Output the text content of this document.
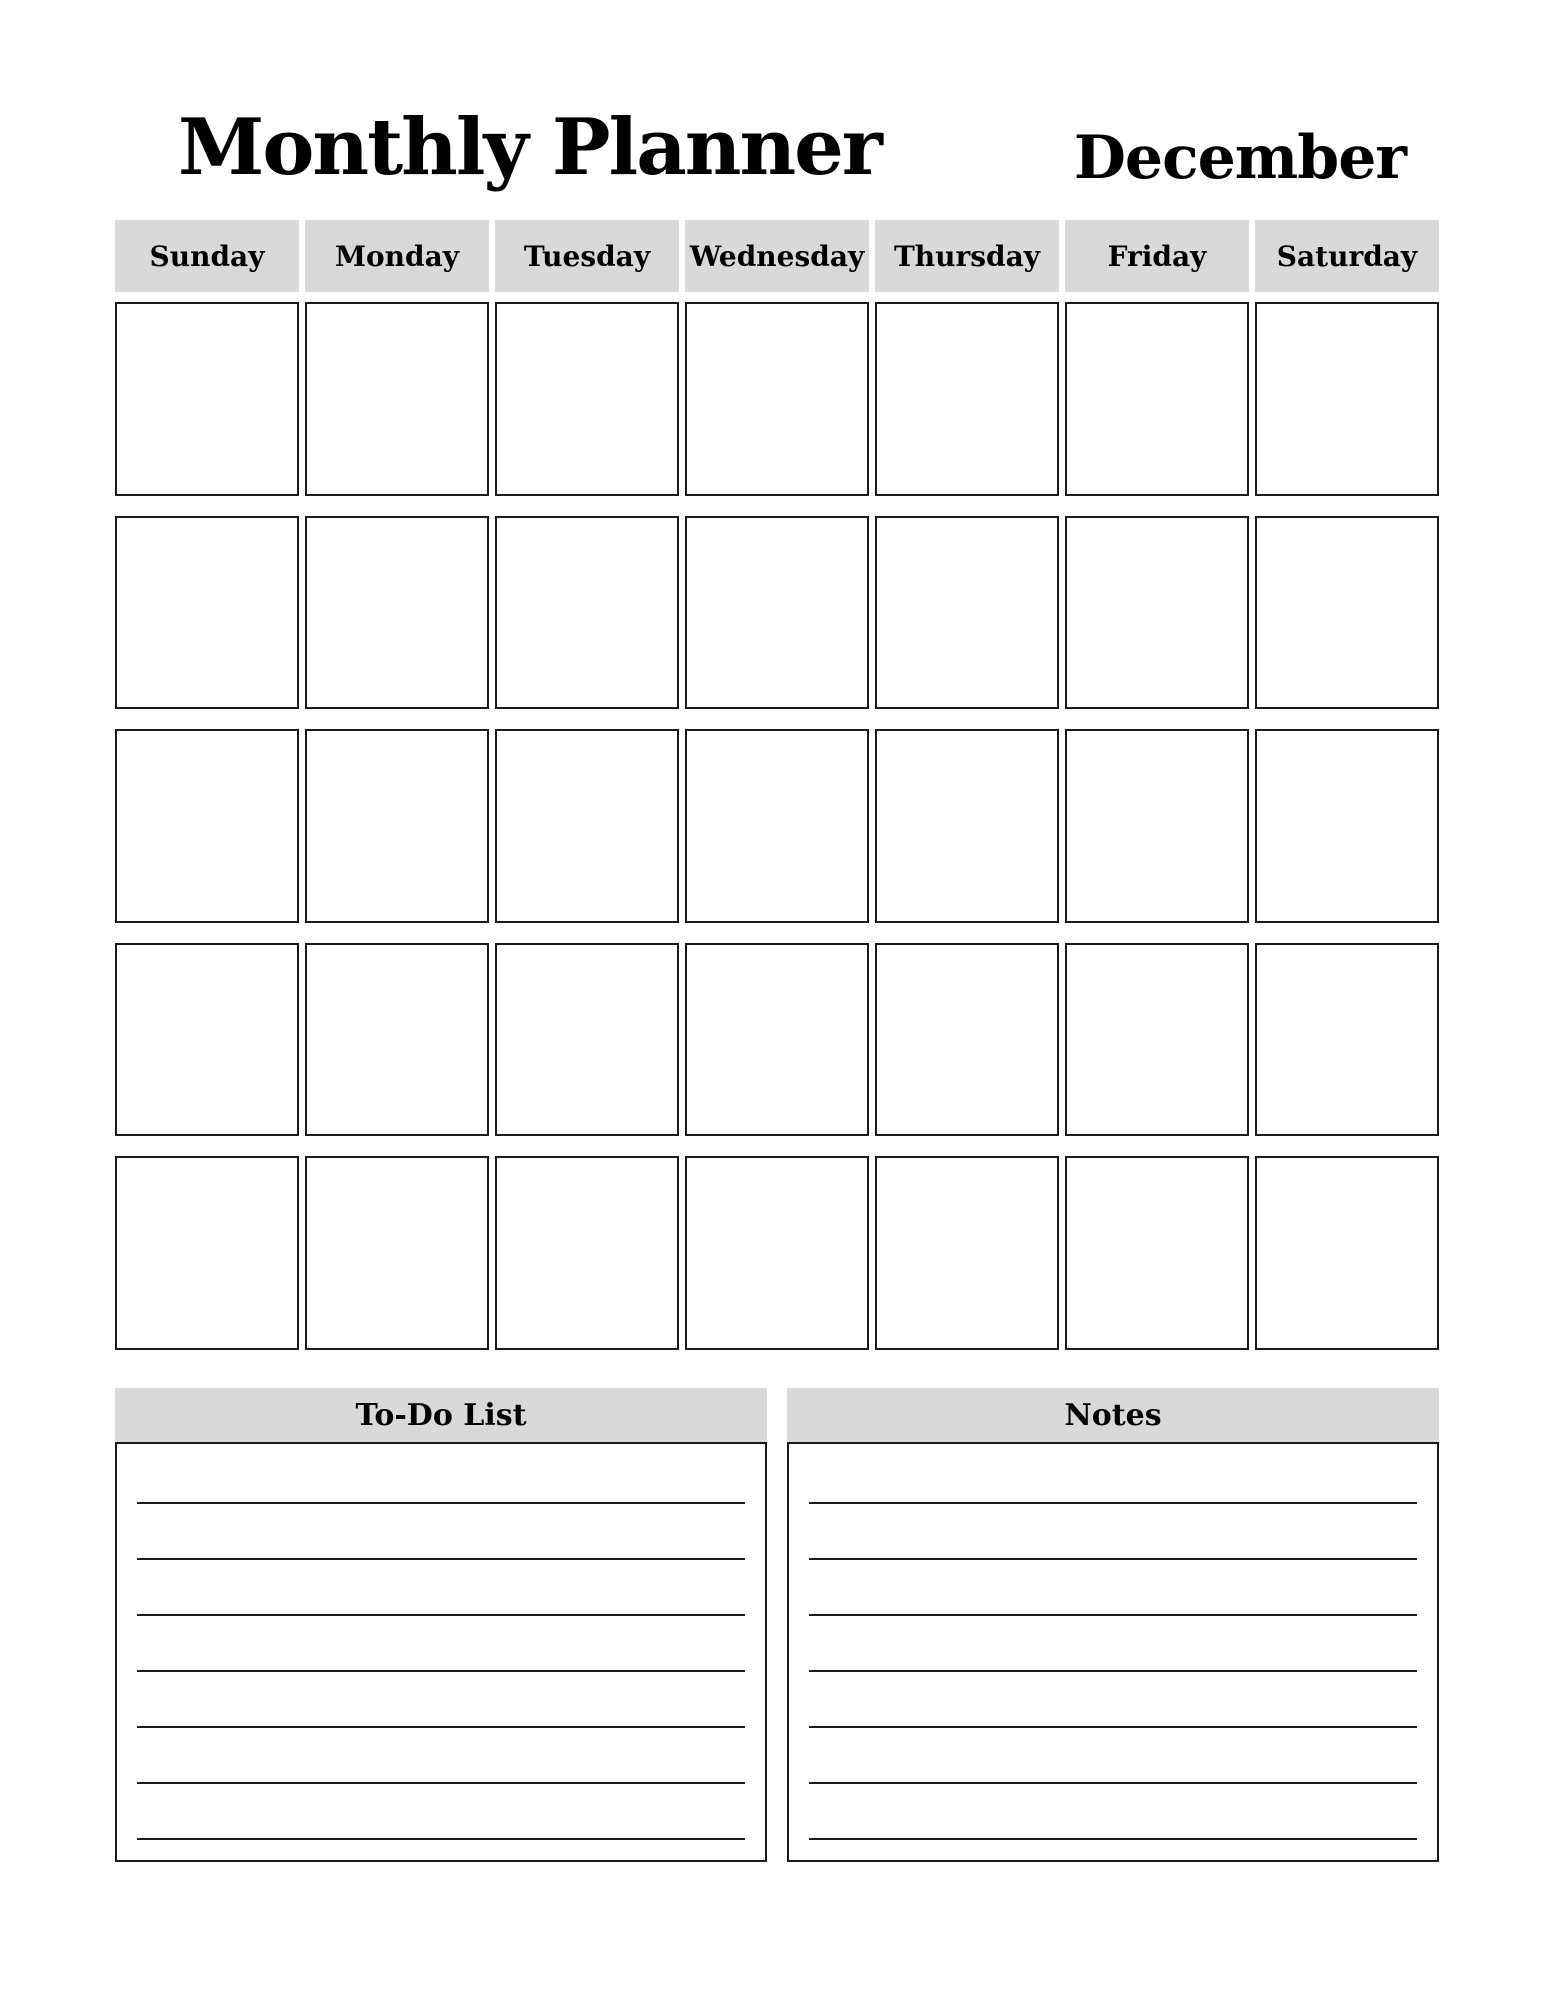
Monthly Planner	December
Sunday	Monday	Tuesday	Wednesday	Thursday	Friday	Saturday
To-Do List	Notes
